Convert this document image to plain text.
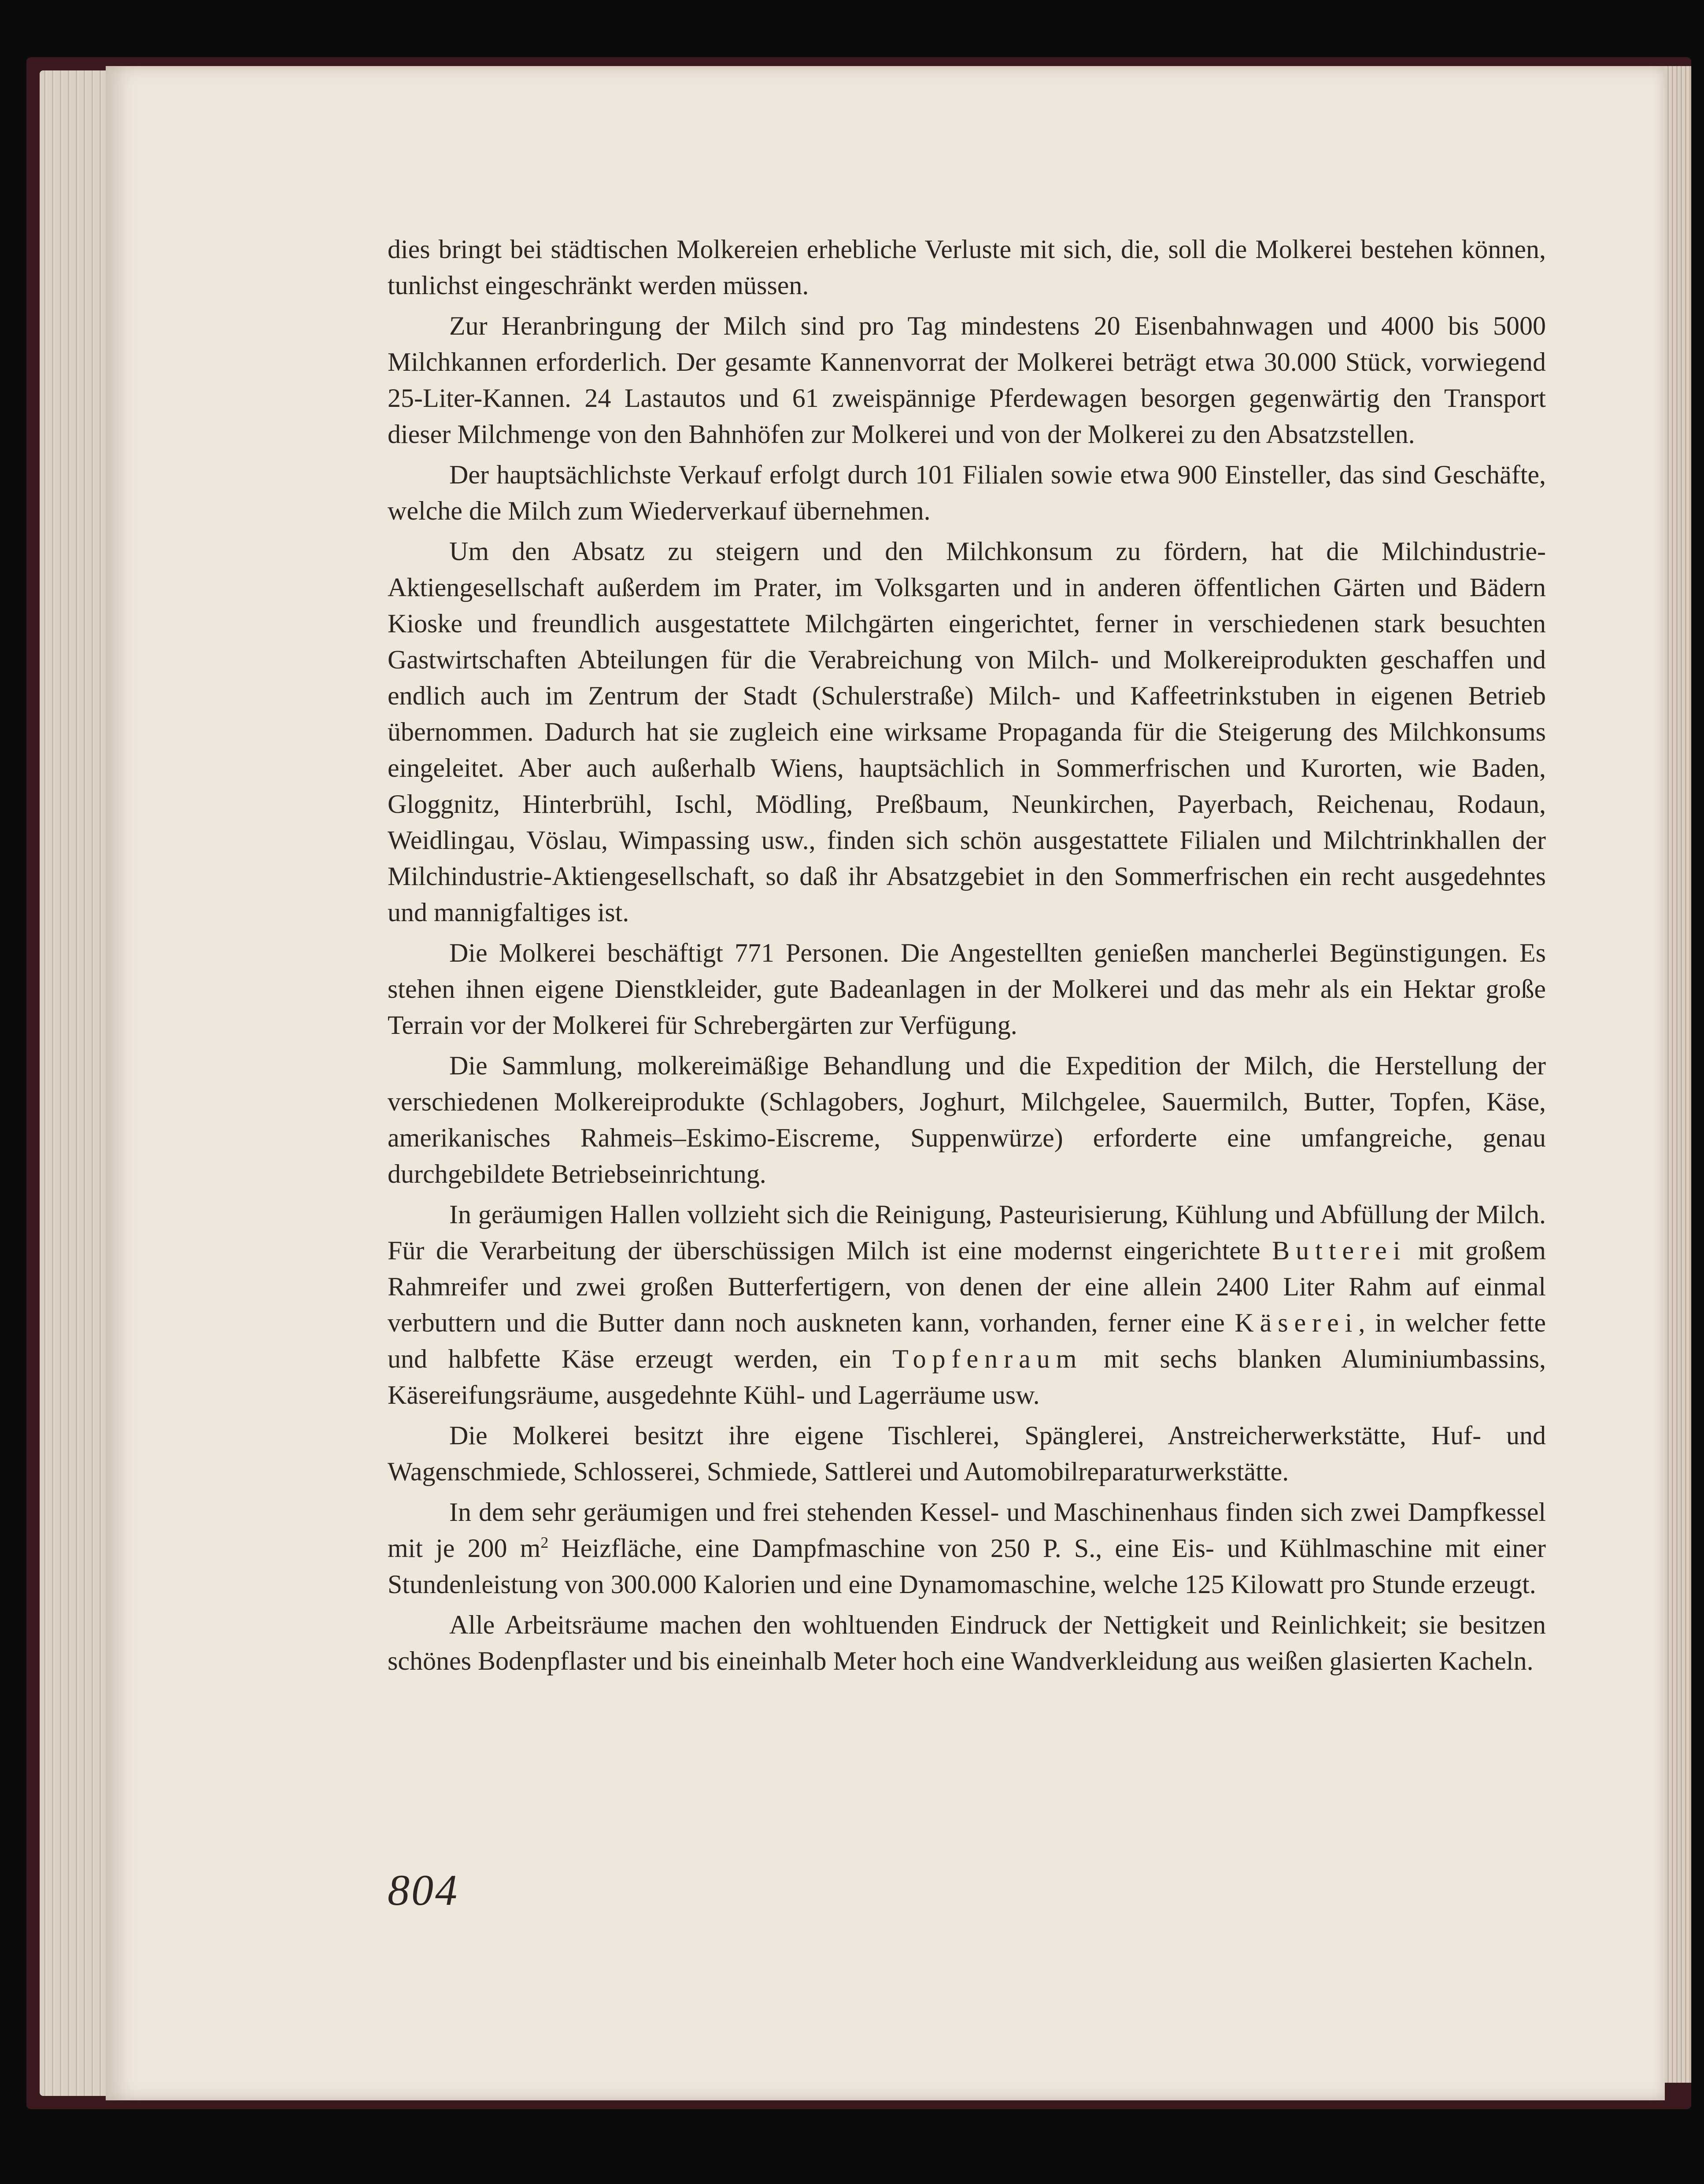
dies bringt bei städtischen Molkereien erhebliche Verluste mit sich, die, soll die Molkerei bestehen können, tunlichst eingeschränkt werden müssen.

Zur Heranbringung der Milch sind pro Tag mindestens 20 Eisenbahnwagen und 4000 bis 5000 Milchkannen erforderlich. Der gesamte Kannenvorrat der Molkerei beträgt etwa 30.000 Stück, vorwiegend 25-Liter-Kannen. 24 Lastautos und 61 zweispännige Pferdewagen besorgen gegenwärtig den Transport dieser Milchmenge von den Bahnhöfen zur Molkerei und von der Molkerei zu den Absatzstellen.

Der hauptsächlichste Verkauf erfolgt durch 101 Filialen sowie etwa 900 Einsteller, das sind Geschäfte, welche die Milch zum Wiederverkauf übernehmen.

Um den Absatz zu steigern und den Milchkonsum zu fördern, hat die Milchindustrie-Aktiengesellschaft außerdem im Prater, im Volksgarten und in anderen öffentlichen Gärten und Bädern Kioske und freundlich ausgestattete Milchgärten eingerichtet, ferner in verschiedenen stark besuchten Gastwirtschaften Abteilungen für die Verabreichung von Milch- und Molkereiprodukten geschaffen und endlich auch im Zentrum der Stadt (Schulerstraße) Milch- und Kaffeetrinkstuben in eigenen Betrieb übernommen. Dadurch hat sie zugleich eine wirksame Propaganda für die Steigerung des Milchkonsums eingeleitet. Aber auch außerhalb Wiens, hauptsächlich in Sommerfrischen und Kurorten, wie Baden, Gloggnitz, Hinterbrühl, Ischl, Mödling, Preßbaum, Neunkirchen, Payerbach, Reichenau, Rodaun, Weidlingau, Vöslau, Wimpassing usw., finden sich schön ausgestattete Filialen und Milchtrinkhallen der Milchindustrie-Aktiengesellschaft, so daß ihr Absatzgebiet in den Sommerfrischen ein recht ausgedehntes und mannigfaltiges ist.

Die Molkerei beschäftigt 771 Personen. Die Angestellten genießen mancherlei Begünstigungen. Es stehen ihnen eigene Dienstkleider, gute Badeanlagen in der Molkerei und das mehr als ein Hektar große Terrain vor der Molkerei für Schrebergärten zur Verfügung.

Die Sammlung, molkereimäßige Behandlung und die Expedition der Milch, die Herstellung der verschiedenen Molkereiprodukte (Schlagobers, Joghurt, Milchgelee, Sauermilch, Butter, Topfen, Käse, amerikanisches Rahmeis–Eskimo-Eiscreme, Suppenwürze) erforderte eine umfangreiche, genau durchgebildete Betriebseinrichtung.

In geräumigen Hallen vollzieht sich die Reinigung, Pasteurisierung, Kühlung und Abfüllung der Milch. Für die Verarbeitung der überschüssigen Milch ist eine modernst eingerichtete Butterei mit großem Rahmreifer und zwei großen Butterfertigern, von denen der eine allein 2400 Liter Rahm auf einmal verbuttern und die Butter dann noch auskneten kann, vorhanden, ferner eine Käserei, in welcher fette und halbfette Käse erzeugt werden, ein Topfenraum mit sechs blanken Aluminiumbassins, Käsereifungsräume, ausgedehnte Kühl- und Lagerräume usw.

Die Molkerei besitzt ihre eigene Tischlerei, Spänglerei, Anstreicherwerkstätte, Huf- und Wagenschmiede, Schlosserei, Schmiede, Sattlerei und Automobilreparaturwerkstätte.

In dem sehr geräumigen und frei stehenden Kessel- und Maschinenhaus finden sich zwei Dampfkessel mit je 200 $m^2$ Heizfläche, eine Dampfmaschine von 250 P. S., eine Eis- und Kühlmaschine mit einer Stundenleistung von 300.000 Kalorien und eine Dynamomaschine, welche 125 Kilowatt pro Stunde erzeugt.

Alle Arbeitsräume machen den wohltuenden Eindruck der Nettigkeit und Reinlichkeit; sie besitzen schönes Bodenpflaster und bis eineinhalb Meter hoch eine Wandverkleidung aus weißen glasierten Kacheln.

804
